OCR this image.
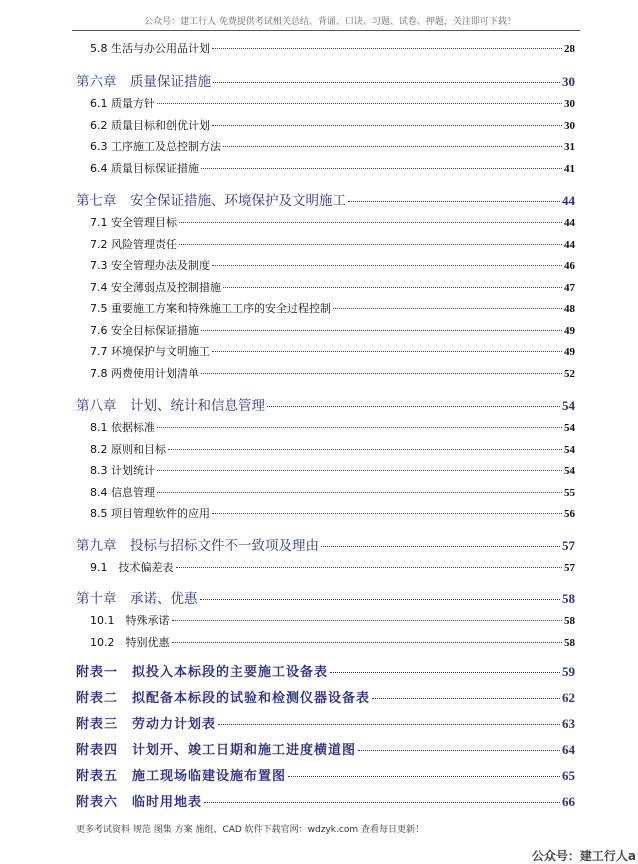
公众号：建工行人 免费提供考试相关总结、背诵、口诀、习题、试卷、押题，关注即可下载！
5.8 生活与办公用品计划	28
第六章　质量保证措施	30
6.1 质量方针	30
6.2 质量目标和创优计划	30
6.3 工序施工及总控制方法	31
6.4 质量目标保证措施	41
第七章　安全保证措施、环境保护及文明施工	44
7.1 安全管理目标	44
7.2 风险管理责任	44
7.3 安全管理办法及制度	46
7.4 安全薄弱点及控制措施	47
7.5 重要施工方案和特殊施工工序的安全过程控制	48
7.6 安全目标保证措施	49
7.7 环境保护与文明施工	49
7.8 两费使用计划清单	52
第八章　计划、统计和信息管理	54
8.1 依据标准	54
8.2 原则和目标	54
8.3 计划统计	54
8.4 信息管理	55
8.5 项目管理软件的应用	56
第九章　投标与招标文件不一致项及理由	57
9.1　技术偏差表	57
第十章　承诺、优惠	58
10.1　特殊承诺	58
10.2　特别优惠	58
附表一　拟投入本标段的主要施工设备表	59
附表二　拟配备本标段的试验和检测仪器设备表	62
附表三　劳动力计划表	63
附表四　计划开、竣工日期和施工进度横道图	64
附表五　施工现场临建设施布置图	65
附表六　临时用地表	66
更多考试资料 规范 图集 方案 施组、CAD 软件下载官网：wdzyk.com 查看每日更新！
公众号：建工行人a
